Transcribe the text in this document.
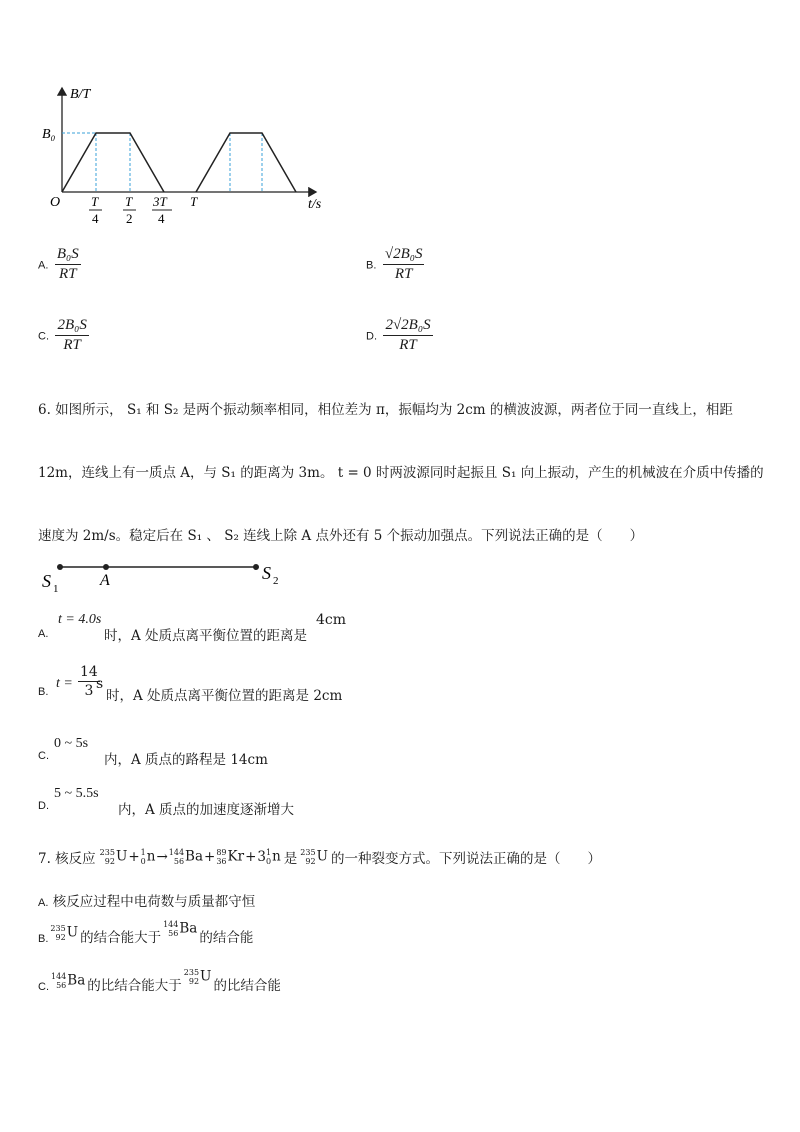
B/T
B₀
O T
4
T
2
3T
4
T	t/s
A. $\frac{\text{B₀S}}{RT}$	B. $\frac{\text{√2B₀S}}{RT}$
C. $\frac{\text{2B₀S}}{RT}$	D. $\frac{\text{2√2B₀S}}{RT}$
6. 如图所示， S₁ 和 S₂ 是两个振动频率相同，相位差为 π，振幅均为 2cm 的横波波源，两者位于同一直线上，相距
12m，连线上有一质点 A，与 S₁ 的距离为 3m。 t = 0 时两波源同时起振且 S₁ 向上振动，产生的机械波在介质中传播的
速度为 2m/s。稳定后在 S₁ 、 S₂ 连线上除 A 点外还有 5 个振动加强点。下列说法正确的是（　　）
S 1	A	S 2
A.
t = 4.0s
时，A 处质点离平衡位置的距离是
4cm
B.
$t = \frac{14}{3}$
s
时，A 处质点离平衡位置的距离是 2cm
C.
0 ~ 5s
内，A 质点的路程是 14cm
D.
5 ~ 5.5s
内，A 质点的加速度逐渐增大
7. 核反应 235
92 U + 1
0 n → 144
56 Ba + 89
36 Kr + 3 1
0 n 是 235
92 U 的一种裂变方式。下列说法正确的是（　　）
A. 核反应过程中电荷数与质量都守恒
B.
235
92 U 的结合能大于
144
56 Ba
的结合能
C.
144
56 Ba 的比结合能大于
235
92 U
的比结合能
